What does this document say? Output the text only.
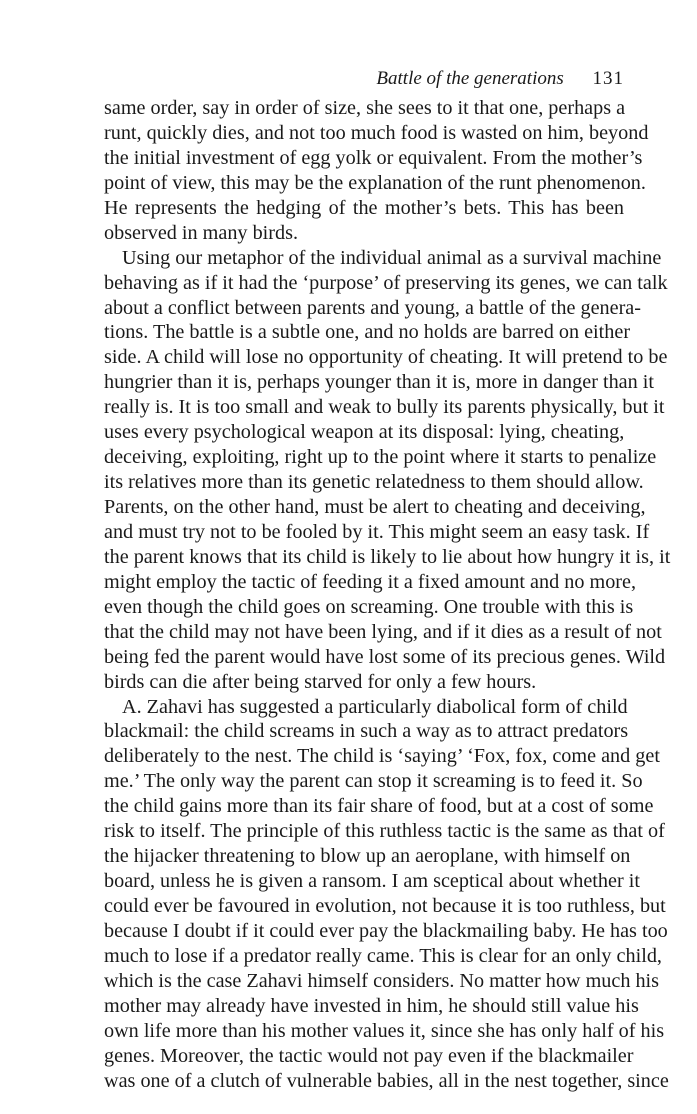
Battle of the generations 131
same order, say in order of size, she sees to it that one, perhaps a
runt, quickly dies, and not too much food is wasted on him, beyond
the initial investment of egg yolk or equivalent. From the mother’s
point of view, this may be the explanation of the runt phenomenon.
He represents the hedging of the mother’s bets. This has been
observed in many birds.
Using our metaphor of the individual animal as a survival machine
behaving as if it had the ‘purpose’ of preserving its genes, we can talk
about a conflict between parents and young, a battle of the genera-
tions. The battle is a subtle one, and no holds are barred on either
side. A child will lose no opportunity of cheating. It will pretend to be
hungrier than it is, perhaps younger than it is, more in danger than it
really is. It is too small and weak to bully its parents physically, but it
uses every psychological weapon at its disposal: lying, cheating,
deceiving, exploiting, right up to the point where it starts to penalize
its relatives more than its genetic relatedness to them should allow.
Parents, on the other hand, must be alert to cheating and deceiving,
and must try not to be fooled by it. This might seem an easy task. If
the parent knows that its child is likely to lie about how hungry it is, it
might employ the tactic of feeding it a fixed amount and no more,
even though the child goes on screaming. One trouble with this is
that the child may not have been lying, and if it dies as a result of not
being fed the parent would have lost some of its precious genes. Wild
birds can die after being starved for only a few hours.
A. Zahavi has suggested a particularly diabolical form of child
blackmail: the child screams in such a way as to attract predators
deliberately to the nest. The child is ‘saying’ ‘Fox, fox, come and get
me.’ The only way the parent can stop it screaming is to feed it. So
the child gains more than its fair share of food, but at a cost of some
risk to itself. The principle of this ruthless tactic is the same as that of
the hijacker threatening to blow up an aeroplane, with himself on
board, unless he is given a ransom. I am sceptical about whether it
could ever be favoured in evolution, not because it is too ruthless, but
because I doubt if it could ever pay the blackmailing baby. He has too
much to lose if a predator really came. This is clear for an only child,
which is the case Zahavi himself considers. No matter how much his
mother may already have invested in him, he should still value his
own life more than his mother values it, since she has only half of his
genes. Moreover, the tactic would not pay even if the blackmailer
was one of a clutch of vulnerable babies, all in the nest together, since
